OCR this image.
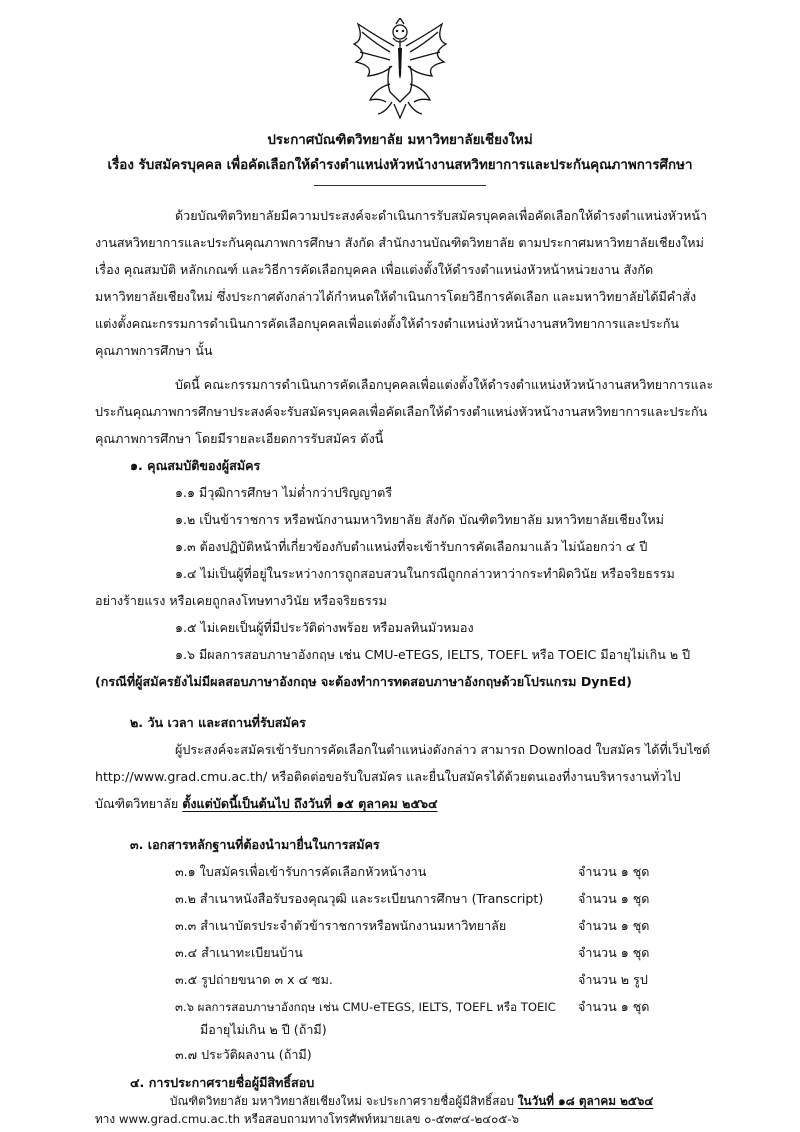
ประกาศบัณฑิตวิทยาลัย มหาวิทยาลัยเชียงใหม่
เรื่อง รับสมัครบุคคล เพื่อคัดเลือกให้ดำรงตำแหน่งหัวหน้างานสหวิทยาการและประกันคุณภาพการศึกษา
ด้วยบัณฑิตวิทยาลัยมีความประสงค์จะดำเนินการรับสมัครบุคคลเพื่อคัดเลือกให้ดำรงตำแหน่งหัวหน้า
งานสหวิทยาการและประกันคุณภาพการศึกษา สังกัด สำนักงานบัณฑิตวิทยาลัย ตามประกาศมหาวิทยาลัยเชียงใหม่
เรื่อง คุณสมบัติ หลักเกณฑ์ และวิธีการคัดเลือกบุคคล เพื่อแต่งตั้งให้ดำรงตำแหน่งหัวหน้าหน่วยงาน สังกัด
มหาวิทยาลัยเชียงใหม่ ซึ่งประกาศดังกล่าวได้กำหนดให้ดำเนินการโดยวิธีการคัดเลือก และมหาวิทยาลัยได้มีคำสั่ง
แต่งตั้งคณะกรรมการดำเนินการคัดเลือกบุคคลเพื่อแต่งตั้งให้ดำรงตำแหน่งหัวหน้างานสหวิทยาการและประกัน
คุณภาพการศึกษา นั้น
บัดนี้ คณะกรรมการดำเนินการคัดเลือกบุคคลเพื่อแต่งตั้งให้ดำรงตำแหน่งหัวหน้างานสหวิทยาการและ
ประกันคุณภาพการศึกษาประสงค์จะรับสมัครบุคคลเพื่อคัดเลือกให้ดำรงตำแหน่งหัวหน้างานสหวิทยาการและประกัน
คุณภาพการศึกษา โดยมีรายละเอียดการรับสมัคร ดังนี้
๑. คุณสมบัติของผู้สมัคร
๑.๑ มีวุฒิการศึกษา ไม่ต่ำกว่าปริญญาตรี
๑.๒ เป็นข้าราชการ หรือพนักงานมหาวิทยาลัย สังกัด บัณฑิตวิทยาลัย มหาวิทยาลัยเชียงใหม่
๑.๓ ต้องปฏิบัติหน้าที่เกี่ยวข้องกับตำแหน่งที่จะเข้ารับการคัดเลือกมาแล้ว ไม่น้อยกว่า ๔ ปี
๑.๔ ไม่เป็นผู้ที่อยู่ในระหว่างการถูกสอบสวนในกรณีถูกกล่าวหาว่ากระทำผิดวินัย หรือจริยธรรม
อย่างร้ายแรง หรือเคยถูกลงโทษทางวินัย หรือจริยธรรม
๑.๕ ไม่เคยเป็นผู้ที่มีประวัติด่างพร้อย หรือมลทินมัวหมอง
๑.๖ มีผลการสอบภาษาอังกฤษ เช่น CMU-eTEGS, IELTS, TOEFL หรือ TOEIC มีอายุไม่เกิน ๒ ปี
(กรณีที่ผู้สมัครยังไม่มีผลสอบภาษาอังกฤษ จะต้องทำการทดสอบภาษาอังกฤษด้วยโปรแกรม DynEd)
๒. วัน เวลา และสถานที่รับสมัคร
ผู้ประสงค์จะสมัครเข้ารับการคัดเลือกในตำแหน่งดังกล่าว สามารถ Download ใบสมัคร ได้ที่เว็บไซต์
http://www.grad.cmu.ac.th/ หรือติดต่อขอรับใบสมัคร และยื่นใบสมัครได้ด้วยตนเองที่งานบริหารงานทั่วไป
บัณฑิตวิทยาลัย ตั้งแต่บัดนี้เป็นต้นไป ถึงวันที่ ๑๕ ตุลาคม ๒๕๖๔
๓. เอกสารหลักฐานที่ต้องนำมายื่นในการสมัคร
๓.๑ ใบสมัครเพื่อเข้ารับการคัดเลือกหัวหน้างาน	จำนวน ๑ ชุด
๓.๒ สำเนาหนังสือรับรองคุณวุฒิ และระเบียนการศึกษา (Transcript)	จำนวน ๑ ชุด
๓.๓ สำเนาบัตรประจำตัวข้าราชการหรือพนักงานมหาวิทยาลัย	จำนวน ๑ ชุด
๓.๔ สำเนาทะเบียนบ้าน	จำนวน ๑ ชุด
๓.๕ รูปถ่ายขนาด ๓ x ๔ ซม.	จำนวน ๒ รูป
๓.๖ ผลการสอบภาษาอังกฤษ เช่น CMU-eTEGS, IELTS, TOEFL หรือ TOEIC จำนวน ๑ ชุด
มีอายุไม่เกิน ๒ ปี (ถ้ามี)
๓.๗ ประวัติผลงาน (ถ้ามี)
๔. การประกาศรายชื่อผู้มีสิทธิ์สอบ
บัณฑิตวิทยาลัย มหาวิทยาลัยเชียงใหม่ จะประกาศรายชื่อผู้มีสิทธิ์สอบ ในวันที่ ๑๘ ตุลาคม ๒๕๖๔
ทาง www.grad.cmu.ac.th หรือสอบถามทางโทรศัพท์หมายเลข ๐-๕๓๙๔-๒๔๐๕-๖
